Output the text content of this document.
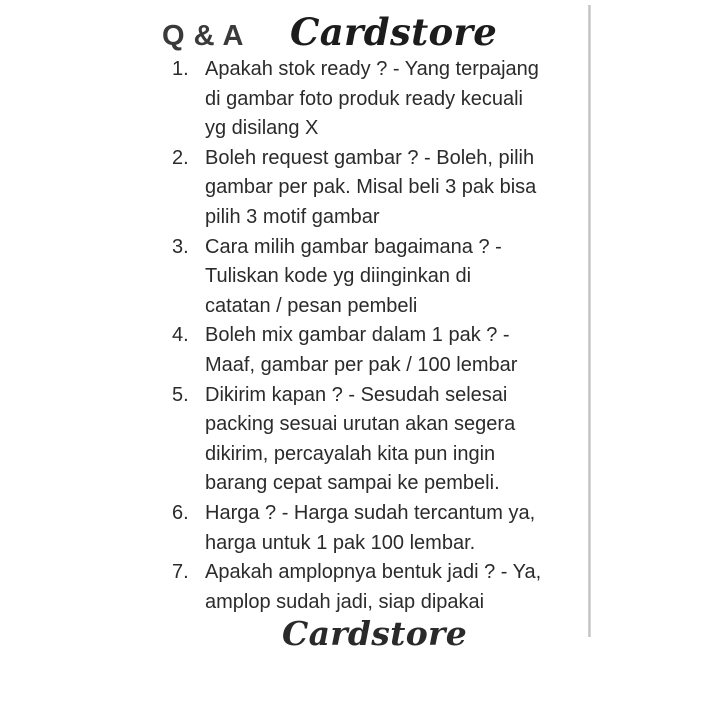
Q & A Cardstore
1. Apakah stok ready ? - Yang terpajang
di gambar foto produk ready kecuali
yg disilang X
2. Boleh request gambar ? - Boleh, pilih
gambar per pak. Misal beli 3 pak bisa
pilih 3 motif gambar
3. Cara milih gambar bagaimana ? -
Tuliskan kode yg diinginkan di
catatan / pesan pembeli
4. Boleh mix gambar dalam 1 pak ? -
Maaf, gambar per pak / 100 lembar
5. Dikirim kapan ? - Sesudah selesai
packing sesuai urutan akan segera
dikirim, percayalah kita pun ingin
barang cepat sampai ke pembeli.
6. Harga ? - Harga sudah tercantum ya,
harga untuk 1 pak 100 lembar.
7. Apakah amplopnya bentuk jadi ? - Ya,
amplop sudah jadi, siap dipakai
Cardstore
